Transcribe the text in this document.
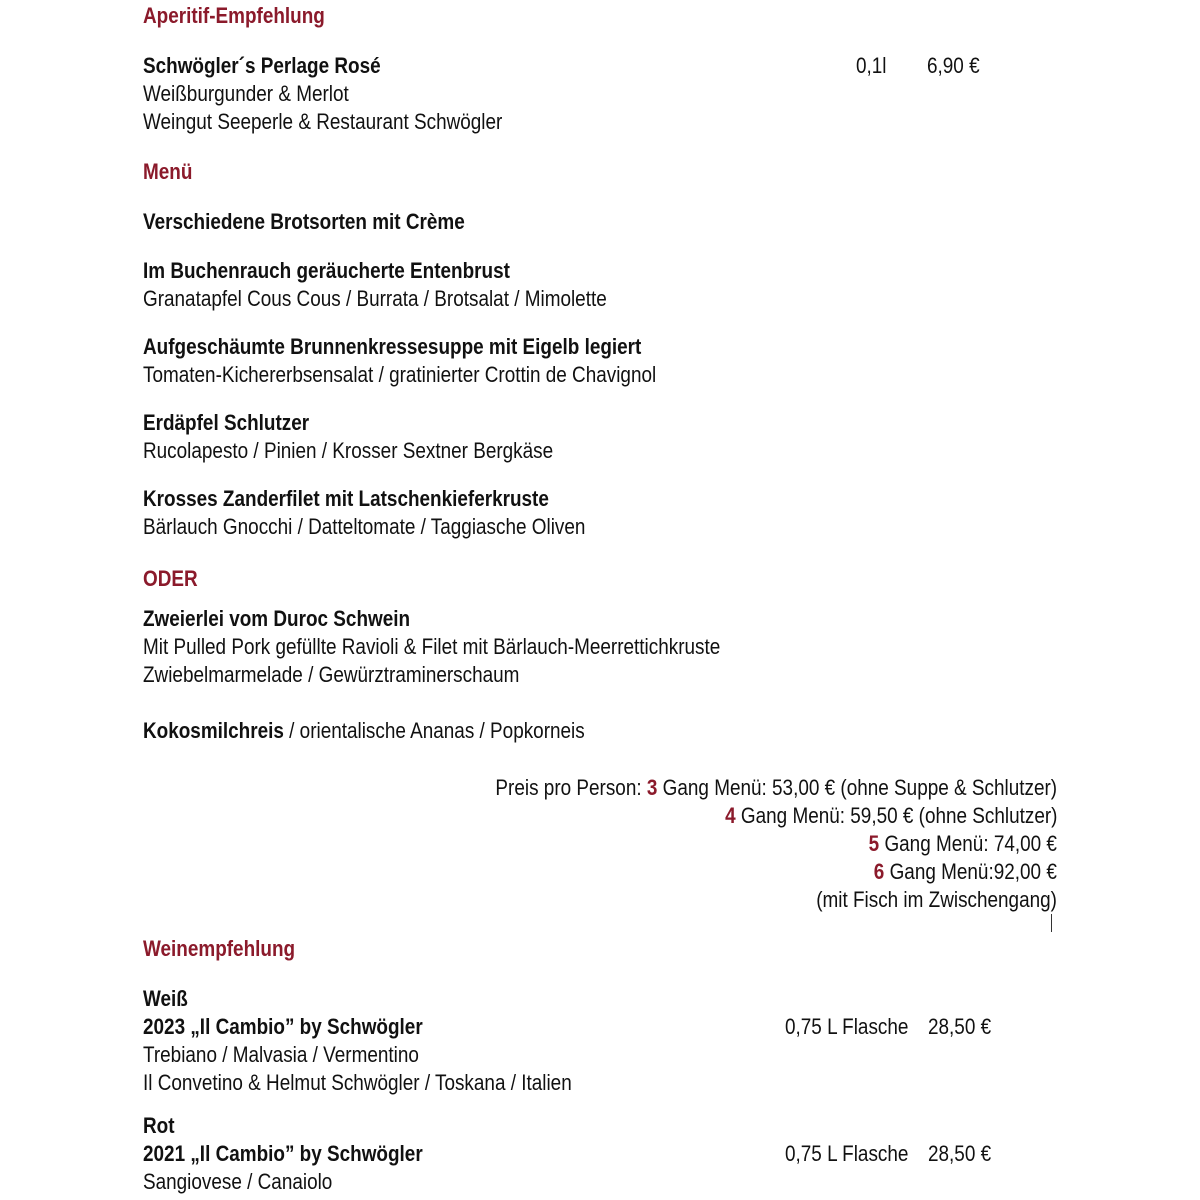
Aperitif-Empfehlung
Schwögler´s Perlage Rosé	0,1l 6,90 €
Weißburgunder & Merlot
Weingut Seeperle & Restaurant Schwögler
Menü
Verschiedene Brotsorten mit Crème
Im Buchenrauch geräucherte Entenbrust
Granatapfel Cous Cous / Burrata / Brotsalat / Mimolette
Aufgeschäumte Brunnenkressesuppe mit Eigelb legiert
Tomaten-Kichererbsensalat / gratinierter Crottin de Chavignol
Erdäpfel Schlutzer
Rucolapesto / Pinien / Krosser Sextner Bergkäse
Krosses Zanderfilet mit Latschenkieferkruste
Bärlauch Gnocchi / Datteltomate / Taggiasche Oliven
ODER
Zweierlei vom Duroc Schwein
Mit Pulled Pork gefüllte Ravioli & Filet mit Bärlauch-Meerrettichkruste
Zwiebelmarmelade / Gewürztraminerschaum
Kokosmilchreis / orientalische Ananas / Popkorneis
Preis pro Person: 3 Gang Menü: 53,00 € (ohne Suppe & Schlutzer)
4 Gang Menü: 59,50 € (ohne Schlutzer)
5 Gang Menü: 74,00 €
6 Gang Menü:92,00 €
(mit Fisch im Zwischengang)
Weinempfehlung
Weiß
2023 „Il Cambio” by Schwögler	0,75 L Flasche 28,50 €
Trebiano / Malvasia / Vermentino
Il Convetino & Helmut Schwögler / Toskana / Italien
Rot
2021 „Il Cambio” by Schwögler	0,75 L Flasche 28,50 €
Sangiovese / Canaiolo
